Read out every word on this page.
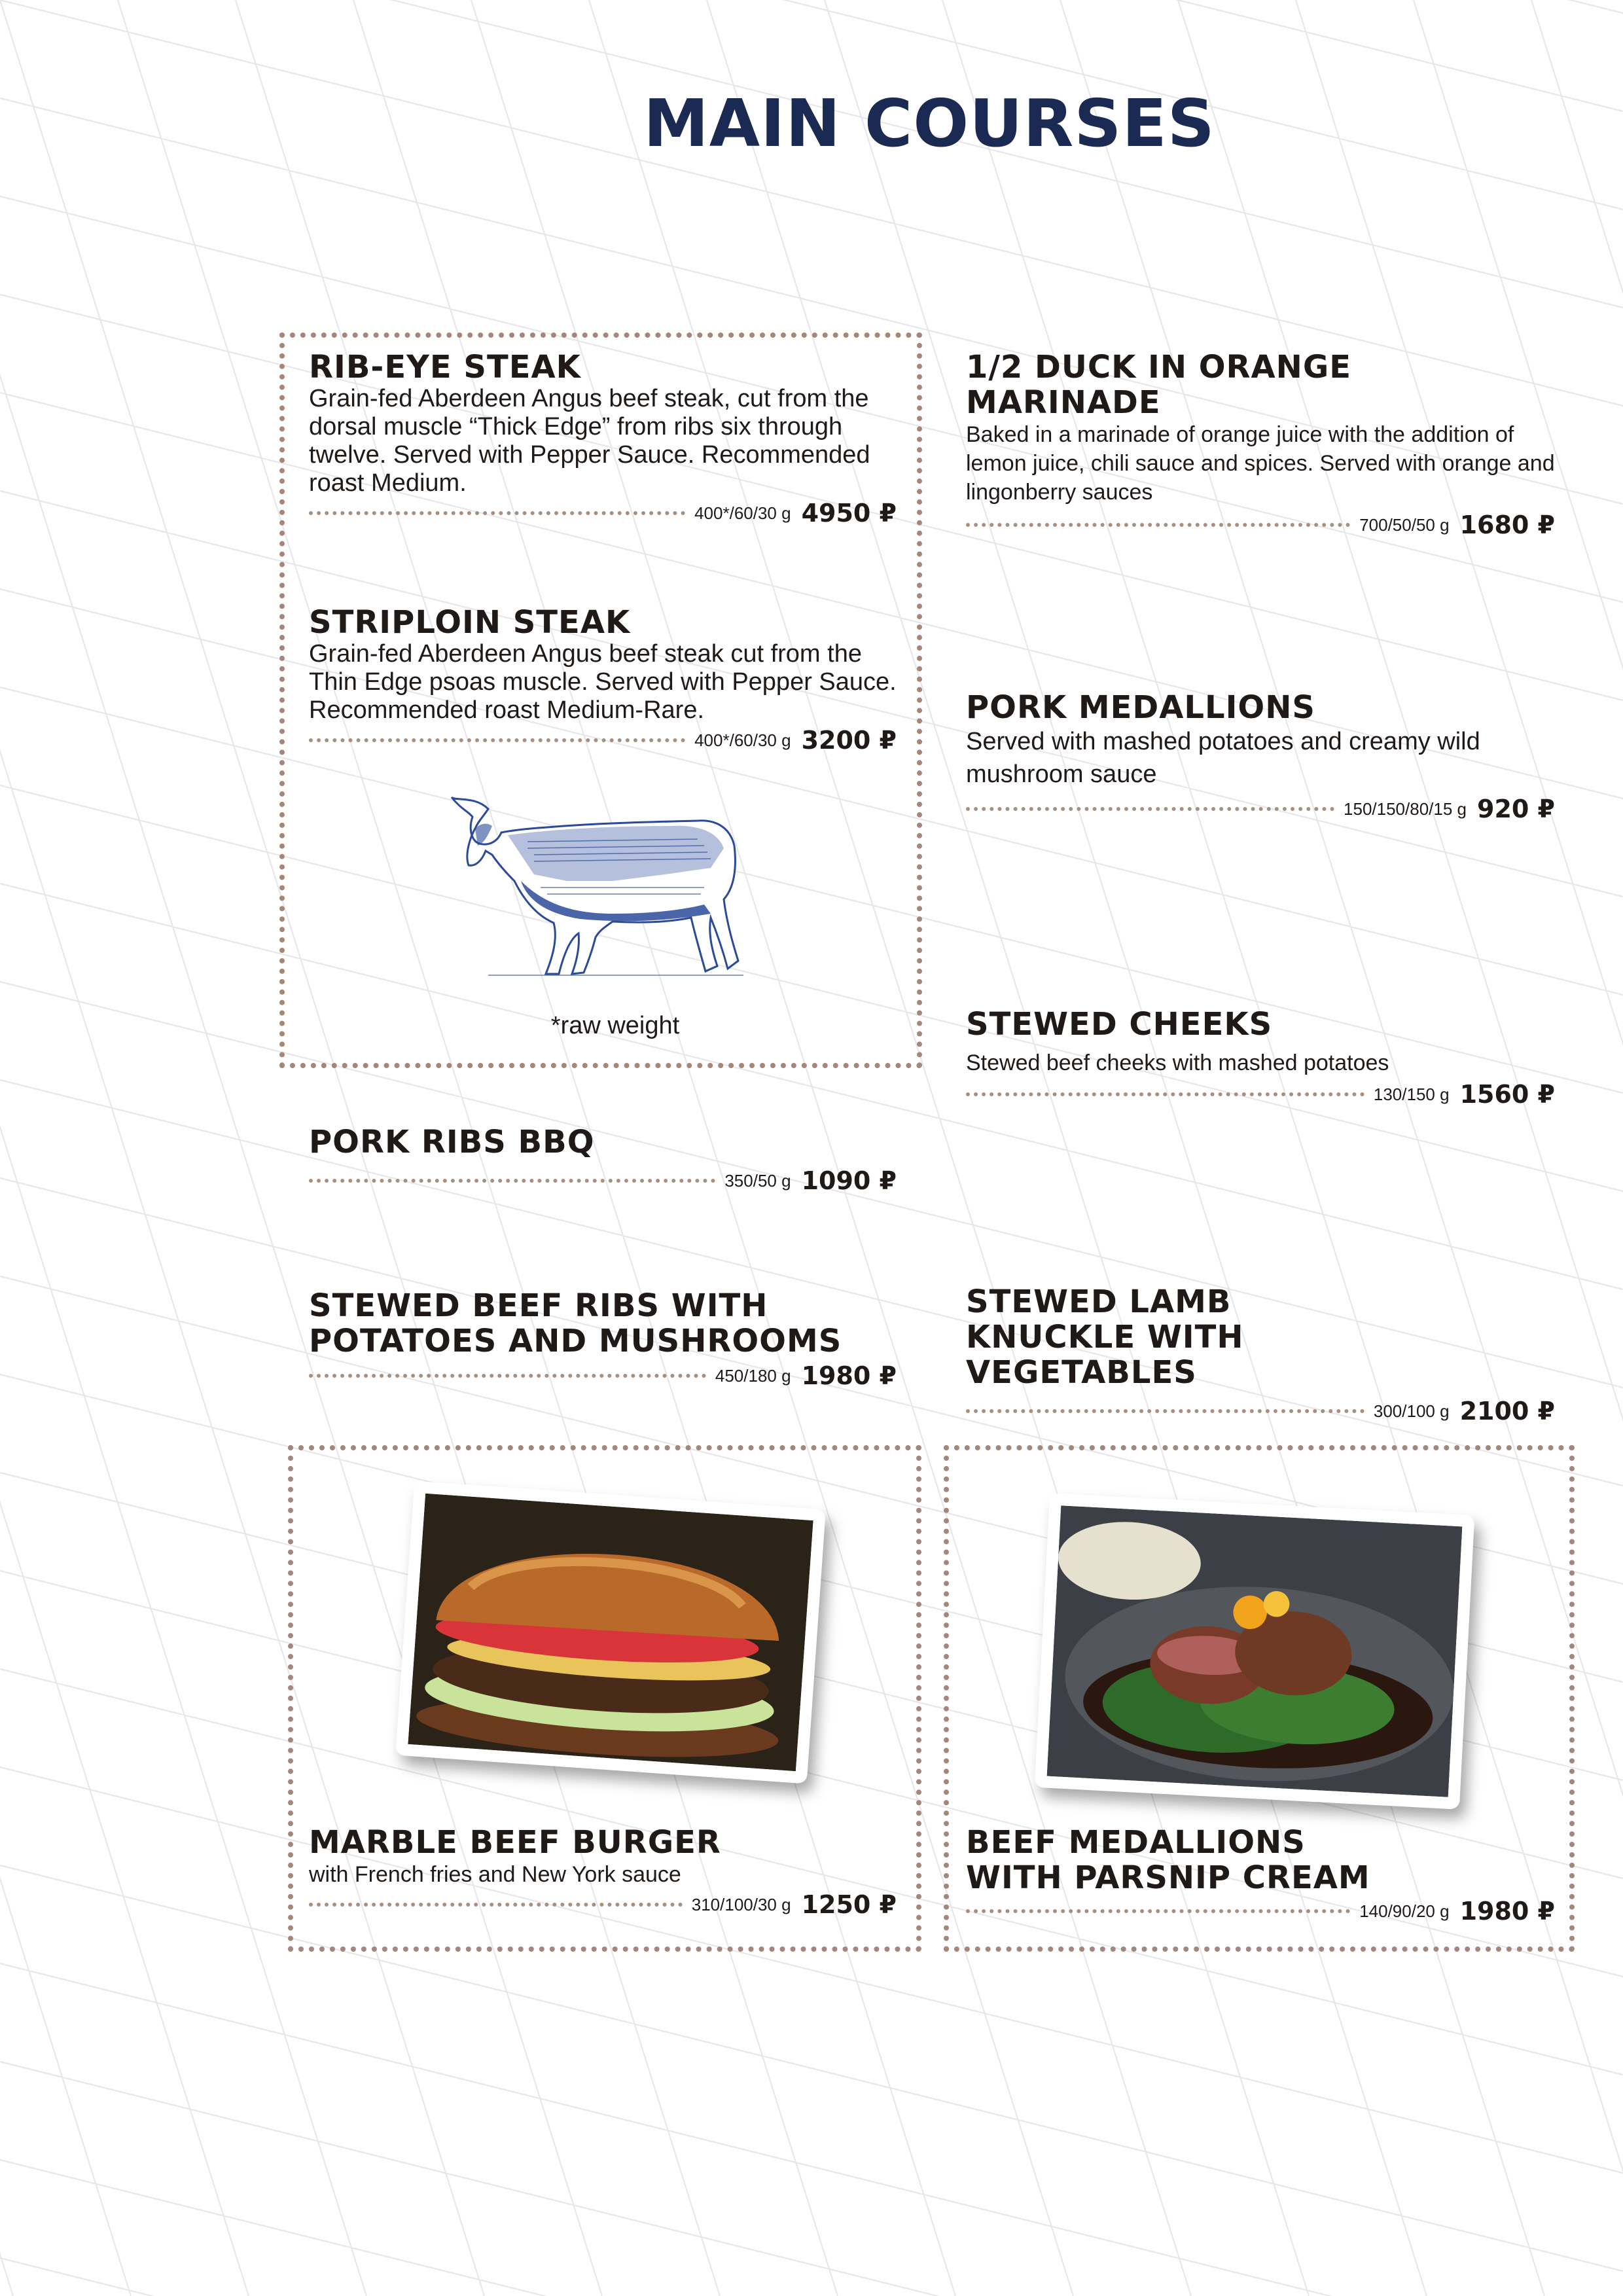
MAIN COURSES
RIB-EYE STEAK
Grain-fed Aberdeen Angus beef steak, cut from the dorsal muscle “Thick Edge” from ribs six through twelve. Served with Pepper Sauce. Recommended roast Medium.
400*/60/30 g 4950 ₽
STRIPLOIN STEAK
Grain-fed Aberdeen Angus beef steak cut from the Thin Edge psoas muscle. Served with Pepper Sauce. Recommended roast Medium-Rare.
400*/60/30 g 3200 ₽
*raw weight
1/2 DUCK IN ORANGE MARINADE
Baked in a marinade of orange juice with the addition of lemon juice, chili sauce and spices. Served with orange and lingonberry sauces
700/50/50 g 1680 ₽
PORK MEDALLIONS
Served with mashed potatoes and creamy wild mushroom sauce
150/150/80/15 g 920 ₽
STEWED CHEEKS
Stewed beef cheeks with mashed potatoes
130/150 g 1560 ₽
PORK RIBS BBQ
350/50 g 1090 ₽
STEWED BEEF RIBS WITH POTATOES AND MUSHROOMS
450/180 g 1980 ₽
STEWED LAMB KNUCKLE WITH VEGETABLES
300/100 g 2100 ₽
MARBLE BEEF BURGER
with French fries and New York sauce
310/100/30 g 1250 ₽
BEEF MEDALLIONS WITH PARSNIP CREAM
140/90/20 g 1980 ₽
